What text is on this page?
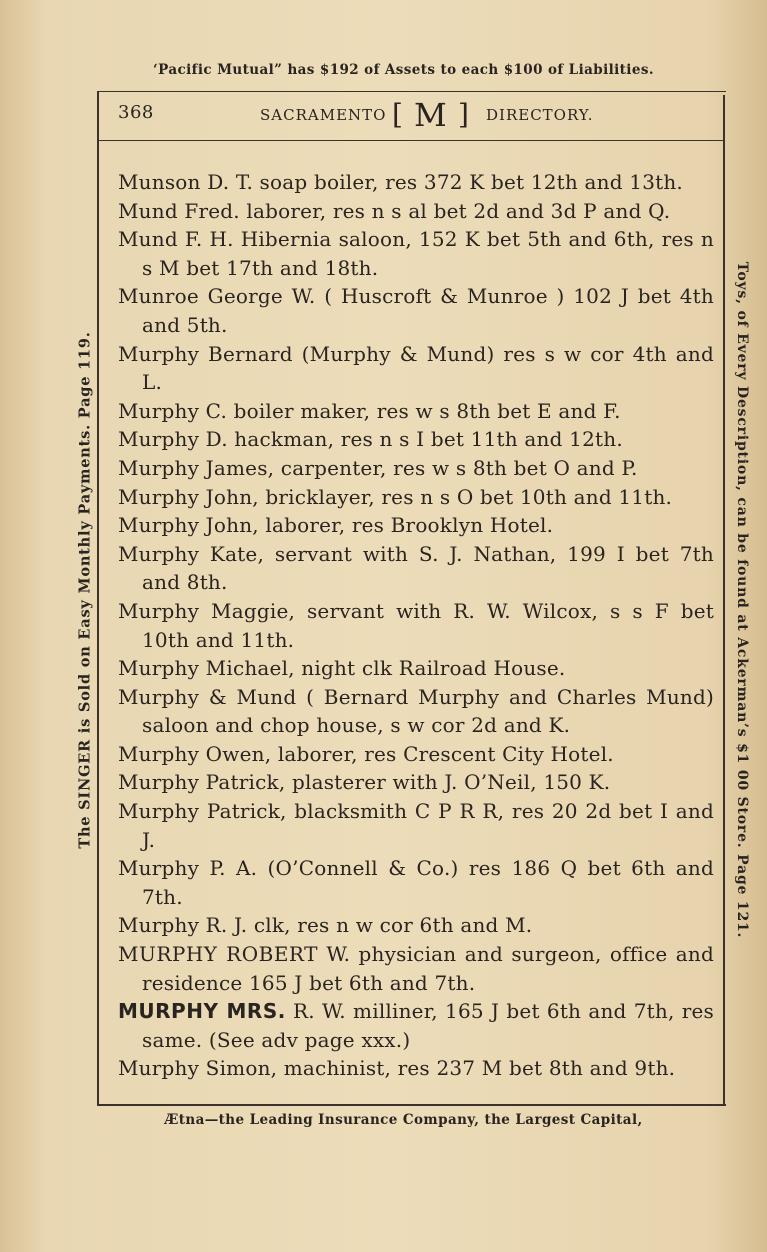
‘Pacific Mutual” has $192 of Assets to each $100 of Liabilities.
The SINGER is Sold on Easy Monthly Payments. Page 119.	Toys, of Every Description, can be found at Ackerman’s $1 00 Store. Page 121.
368	SACRAMENTO [ M ] DIRECTORY.

Munson D. T. soap boiler, res 372 K bet 12th and 13th.

Mund Fred. laborer, res n s al bet 2d and 3d P and Q.

Mund F. H. Hibernia saloon, 152 K bet 5th and 6th, res n s M bet 17th and 18th.

Munroe George W. ( Huscroft & Munroe ) 102 J bet 4th and 5th.

Murphy Bernard (Murphy & Mund) res s w cor 4th and L.

Murphy C. boiler maker, res w s 8th bet E and F.

Murphy D. hackman, res n s I bet 11th and 12th.

Murphy James, carpenter, res w s 8th bet O and P.

Murphy John, bricklayer, res n s O bet 10th and 11th.

Murphy John, laborer, res Brooklyn Hotel.

Murphy Kate, servant with S. J. Nathan, 199 I bet 7th and 8th.

Murphy Maggie, servant with R. W. Wilcox, s s F bet 10th and 11th.

Murphy Michael, night clk Railroad House.

Murphy & Mund ( Bernard Murphy and Charles Mund) saloon and chop house, s w cor 2d and K.

Murphy Owen, laborer, res Crescent City Hotel.

Murphy Patrick, plasterer with J. O’Neil, 150 K.

Murphy Patrick, blacksmith C P R R, res 20 2d bet I and J.

Murphy P. A. (O’Connell & Co.) res 186 Q bet 6th and 7th.

Murphy R. J. clk, res n w cor 6th and M.

MURPHY ROBERT W. physician and surgeon, office and residence 165 J bet 6th and 7th.

MURPHY MRS. R. W. milliner, 165 J bet 6th and 7th, res same. (See adv page xxx.)

Murphy Simon, machinist, res 237 M bet 8th and 9th.

Ætna—the Leading Insurance Company, the Largest Capital,
